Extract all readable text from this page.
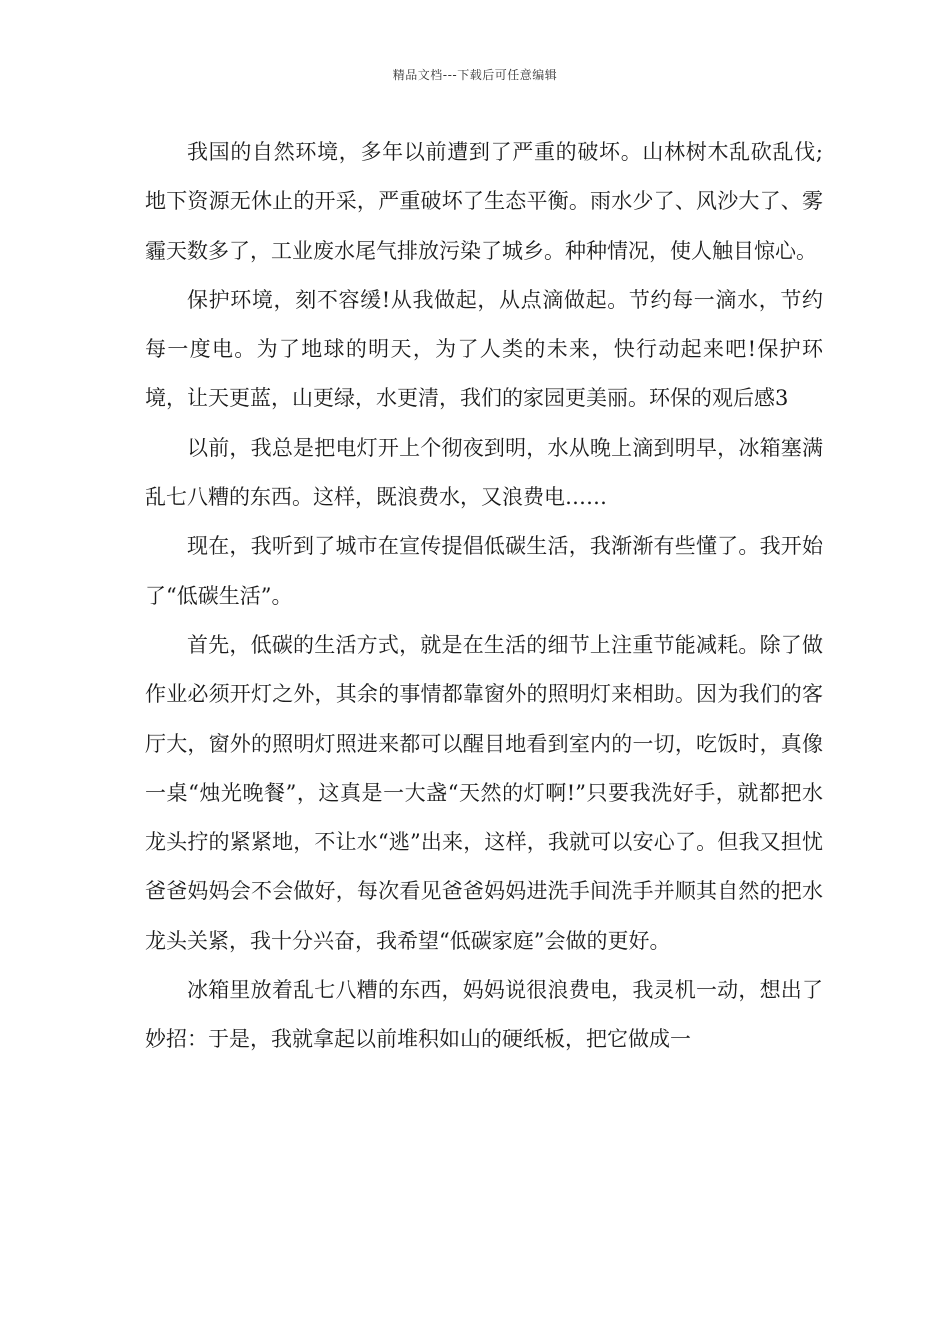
精品文档---下载后可任意编辑

我国的自然环境，多年以前遭到了严重的破坏。山林树木乱砍乱伐;地下资源无休止的开采，严重破坏了生态平衡。雨水少了、风沙大了、雾霾天数多了，工业废水尾气排放污染了城乡。种种情况，使人触目惊心。

保护环境，刻不容缓!从我做起，从点滴做起。节约每一滴水，节约每一度电。为了地球的明天，为了人类的未来，快行动起来吧!保护环境，让天更蓝，山更绿，水更清，我们的家园更美丽。环保的观后感3

以前，我总是把电灯开上个彻夜到明，水从晚上滴到明早，冰箱塞满乱七八糟的东西。这样，既浪费水，又浪费电……

现在，我听到了城市在宣传提倡低碳生活，我渐渐有些懂了。我开始了“低碳生活”。

首先，低碳的生活方式，就是在生活的细节上注重节能减耗。除了做作业必须开灯之外，其余的事情都靠窗外的照明灯来相助。因为我们的客厅大，窗外的照明灯照进来都可以醒目地看到室内的一切，吃饭时，真像一桌“烛光晚餐”，这真是一大盏“天然的灯啊!”只要我洗好手，就都把水龙头拧的紧紧地，不让水“逃”出来，这样，我就可以安心了。但我又担忧爸爸妈妈会不会做好，每次看见爸爸妈妈进洗手间洗手并顺其自然的把水龙头关紧，我十分兴奋，我希望“低碳家庭”会做的更好。

冰箱里放着乱七八糟的东西，妈妈说很浪费电，我灵机一动，想出了妙招：于是，我就拿起以前堆积如山的硬纸板，把它做成一
